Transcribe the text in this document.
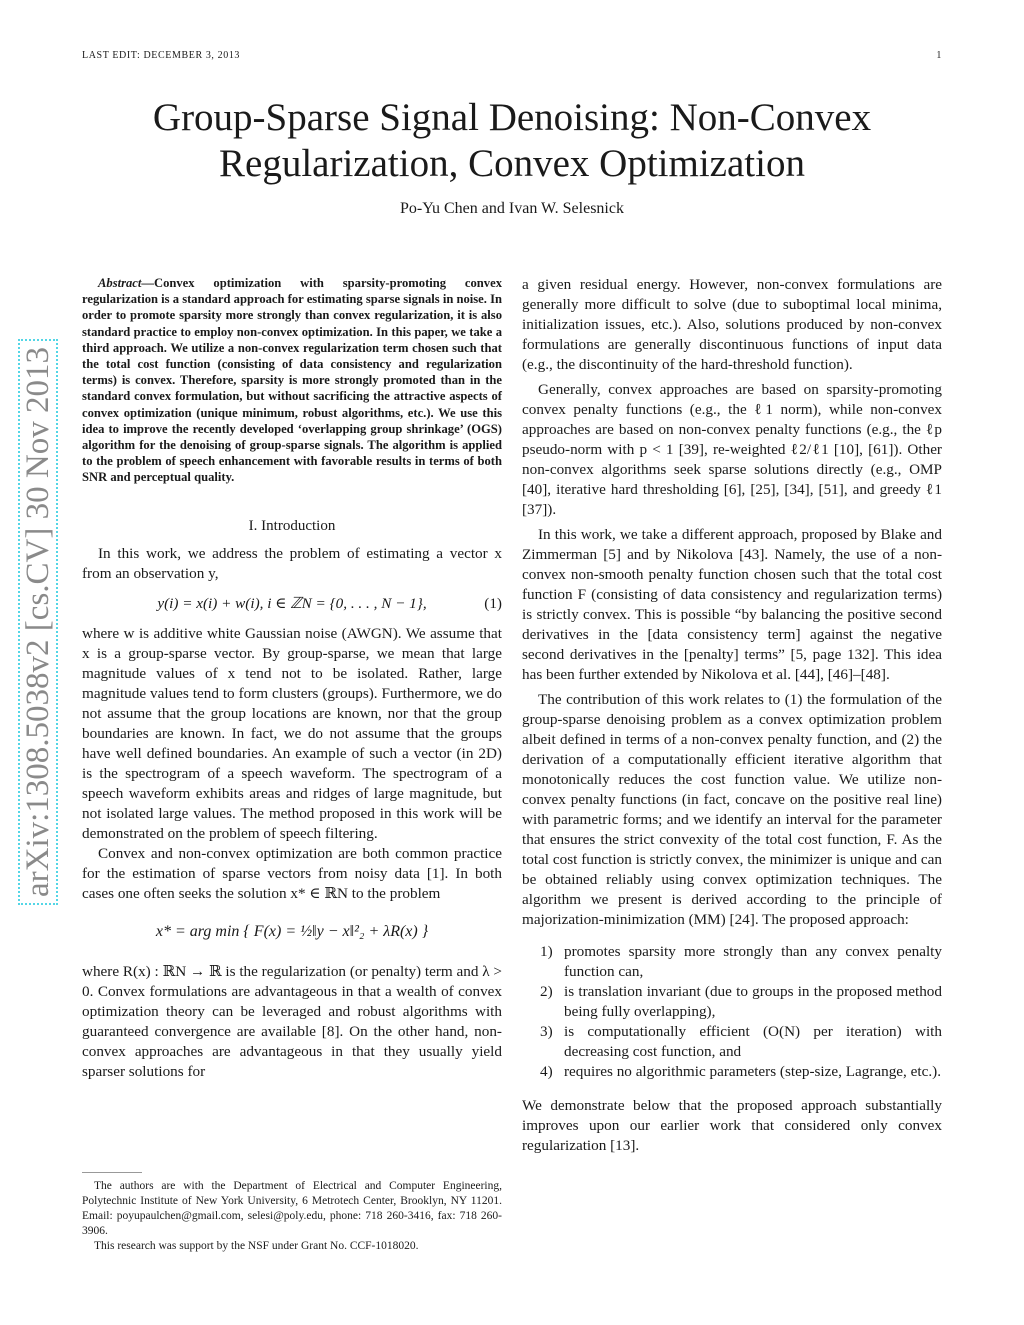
LAST EDIT: DECEMBER 3, 2013	1
Group-Sparse Signal Denoising: Non-Convex
Regularization, Convex Optimization
Po-Yu Chen and Ivan W. Selesnick
arXiv:1308.5038v2 [cs.CV] 30 Nov 2013

Abstract—Convex optimization with sparsity-promoting convex regularization is a standard approach for estimating sparse signals in noise. In order to promote sparsity more strongly than convex regularization, it is also standard practice to employ non-convex optimization. In this paper, we take a third approach. We utilize a non-convex regularization term chosen such that the total cost function (consisting of data consistency and regularization terms) is convex. Therefore, sparsity is more strongly promoted than in the standard convex formulation, but without sacrificing the attractive aspects of convex optimization (unique minimum, robust algorithms, etc.). We use this idea to improve the recently developed ‘overlapping group shrinkage’ (OGS) algorithm for the denoising of group-sparse signals. The algorithm is applied to the problem of speech enhancement with favorable results in terms of both SNR and perceptual quality.

I. Introduction

In this work, we address the problem of estimating a vector x from an observation y,

y(i) = x(i) + w(i), i ∈ ℤN = {0, . . . , N − 1},	(1)

where w is additive white Gaussian noise (AWGN). We assume that x is a group-sparse vector. By group-sparse, we mean that large magnitude values of x tend not to be isolated. Rather, large magnitude values tend to form clusters (groups). Furthermore, we do not assume that the group locations are known, nor that the group boundaries are known. In fact, we do not assume that the groups have well defined boundaries. An example of such a vector (in 2D) is the spectrogram of a speech waveform. The spectrogram of a speech waveform exhibits areas and ridges of large magnitude, but not isolated large values. The method proposed in this work will be demonstrated on the problem of speech filtering.

Convex and non-convex optimization are both common practice for the estimation of sparse vectors from noisy data [1]. In both cases one often seeks the solution x* ∈ ℝN to the problem

x* = arg min { F(x) = ½‖y − x‖²₂ + λR(x) }

where R(x) : ℝN → ℝ is the regularization (or penalty) term and λ > 0. Convex formulations are advantageous in that a wealth of convex optimization theory can be leveraged and robust algorithms with guaranteed convergence are available [8]. On the other hand, non-convex approaches are advantageous in that they usually yield sparser solutions for

The authors are with the Department of Electrical and Computer Engineering, Polytechnic Institute of New York University, 6 Metrotech Center, Brooklyn, NY 11201. Email: poyupaulchen@gmail.com, selesi@poly.edu, phone: 718 260-3416, fax: 718 260-3906.

This research was support by the NSF under Grant No. CCF-1018020.

a given residual energy. However, non-convex formulations are generally more difficult to solve (due to suboptimal local minima, initialization issues, etc.). Also, solutions produced by non-convex formulations are generally discontinuous functions of input data (e.g., the discontinuity of the hard-threshold function).

Generally, convex approaches are based on sparsity-promoting convex penalty functions (e.g., the ℓ1 norm), while non-convex approaches are based on non-convex penalty functions (e.g., the ℓp pseudo-norm with p < 1 [39], re-weighted ℓ2/ℓ1 [10], [61]). Other non-convex algorithms seek sparse solutions directly (e.g., OMP [40], iterative hard thresholding [6], [25], [34], [51], and greedy ℓ1 [37]).

In this work, we take a different approach, proposed by Blake and Zimmerman [5] and by Nikolova [43]. Namely, the use of a non-convex non-smooth penalty function chosen such that the total cost function F (consisting of data consistency and regularization terms) is strictly convex. This is possible “by balancing the positive second derivatives in the [data consistency term] against the negative second derivatives in the [penalty] terms” [5, page 132]. This idea has been further extended by Nikolova et al. [44], [46]–[48].

The contribution of this work relates to (1) the formulation of the group-sparse denoising problem as a convex optimization problem albeit defined in terms of a non-convex penalty function, and (2) the derivation of a computationally efficient iterative algorithm that monotonically reduces the cost function value. We utilize non-convex penalty functions (in fact, concave on the positive real line) with parametric forms; and we identify an interval for the parameter that ensures the strict convexity of the total cost function, F. As the total cost function is strictly convex, the minimizer is unique and can be obtained reliably using convex optimization techniques. The algorithm we present is derived according to the principle of majorization-minimization (MM) [24]. The proposed approach:

1) promotes sparsity more strongly than any convex penalty function can,
2) is translation invariant (due to groups in the proposed method being fully overlapping),
3) is computationally efficient (O(N) per iteration) with decreasing cost function, and
4) requires no algorithmic parameters (step-size, Lagrange, etc.).

We demonstrate below that the proposed approach substantially improves upon our earlier work that considered only convex regularization [13].
